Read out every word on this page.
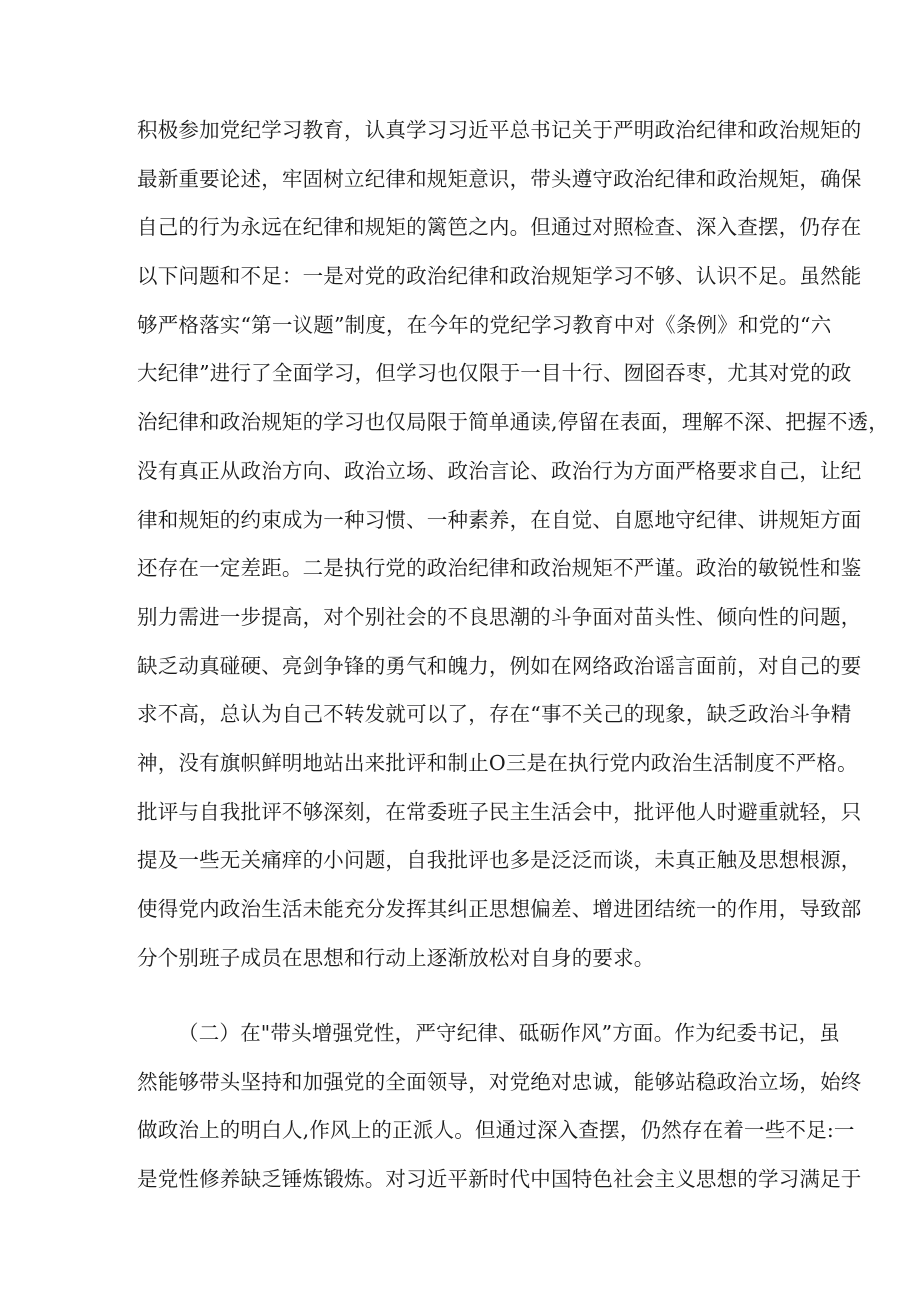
积极参加党纪学习教育，认真学习习近平总书记关于严明政治纪律和政治规矩的
最新重要论述，牢固树立纪律和规矩意识，带头遵守政治纪律和政治规矩，确保
自己的行为永远在纪律和规矩的篱笆之内。但通过对照检查、深入查摆，仍存在
以下问题和不足：一是对党的政治纪律和政治规矩学习不够、认识不足。虽然能
够严格落实“第一议题”制度，在今年的党纪学习教育中对《条例》和党的“六
大纪律”进行了全面学习，但学习也仅限于一目十行、囫囵吞枣，尤其对党的政
治纪律和政治规矩的学习也仅局限于简单通读,停留在表面，理解不深、把握不透，
没有真正从政治方向、政治立场、政治言论、政治行为方面严格要求自己，让纪
律和规矩的约束成为一种习惯、一种素养，在自觉、自愿地守纪律、讲规矩方面
还存在一定差距。二是执行党的政治纪律和政治规矩不严谨。政治的敏锐性和鉴
别力需进一步提高，对个别社会的不良思潮的斗争面对苗头性、倾向性的问题，
缺乏动真碰硬、亮剑争锋的勇气和魄力，例如在网络政治谣言面前，对自己的要
求不高，总认为自己不转发就可以了，存在“事不关己的现象，缺乏政治斗争精
神，没有旗帜鲜明地站出来批评和制止O三是在执行党内政治生活制度不严格。
批评与自我批评不够深刻，在常委班子民主生活会中，批评他人时避重就轻，只
提及一些无关痛痒的小问题，自我批评也多是泛泛而谈，未真正触及思想根源，
使得党内政治生活未能充分发挥其纠正思想偏差、增进团结统一的作用，导致部
分个别班子成员在思想和行动上逐渐放松对自身的要求。
（二）在"带头增强党性，严守纪律、砥砺作风”方面。作为纪委书记，虽
然能够带头坚持和加强党的全面领导，对党绝对忠诚，能够站稳政治立场，始终
做政治上的明白人,作风上的正派人。但通过深入查摆，仍然存在着一些不足:一
是党性修养缺乏锤炼锻炼。对习近平新时代中国特色社会主义思想的学习满足于
